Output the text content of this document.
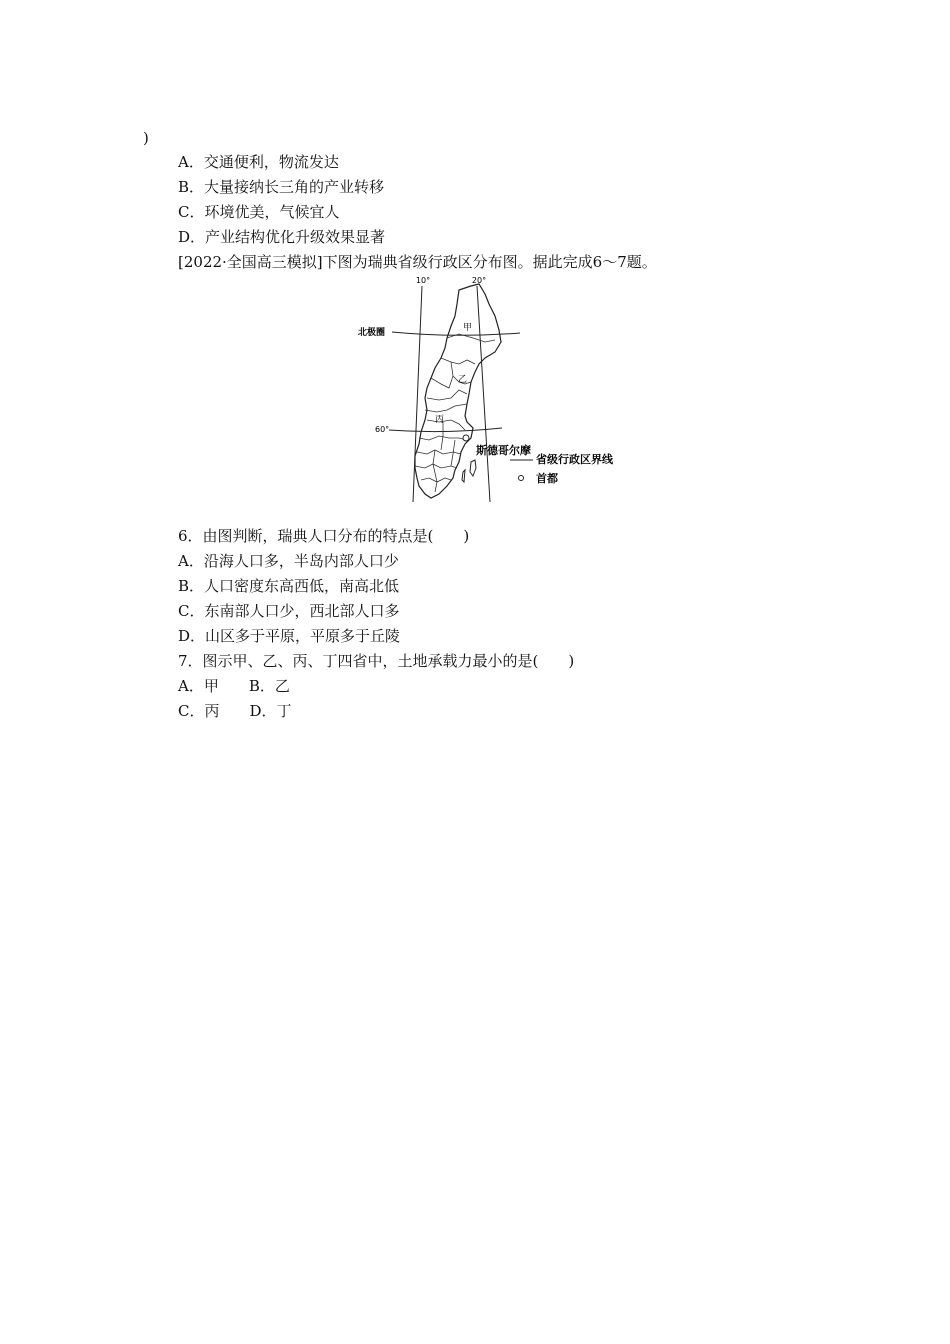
)
A．交通便利，物流发达
B．大量接纳长三角的产业转移
C．环境优美，气候宜人
D．产业结构优化升级效果显著
[2022·全国高三模拟]下图为瑞典省级行政区分布图。据此完成6～7题。
10°	20°
北极圈
60°
甲
乙
丙
斯德哥尔摩
省级行政区界线
首都
6．由图判断，瑞典人口分布的特点是(　　)
A．沿海人口多，半岛内部人口少
B．人口密度东高西低，南高北低
C．东南部人口少，西北部人口多
D．山区多于平原，平原多于丘陵
7．图示甲、乙、丙、丁四省中，土地承载力最小的是(　　)
A．甲　　B．乙
C．丙　　D．丁
